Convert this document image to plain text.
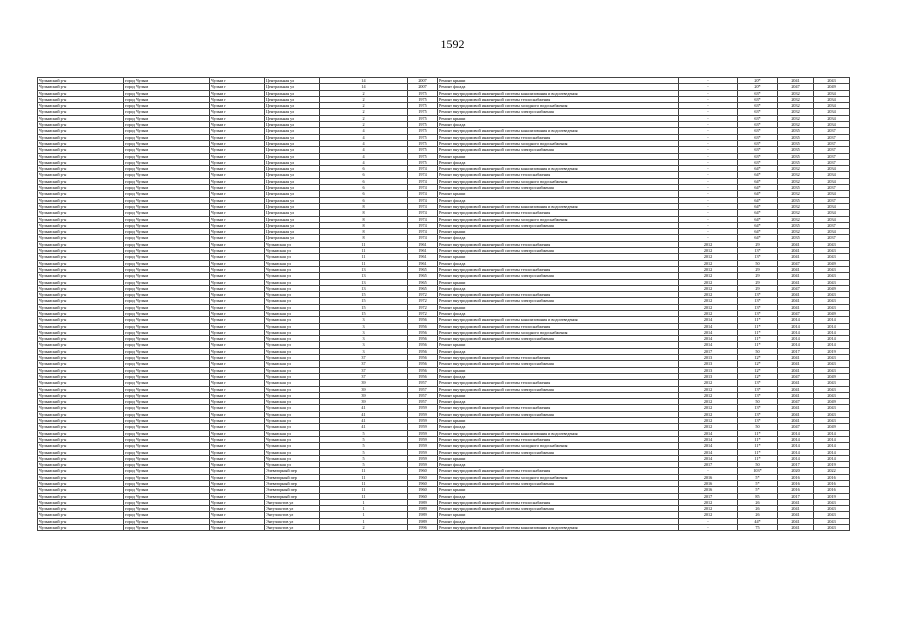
1592
Чулымский р-н	город Чулым	Чулым г	Центральная ул	14	2007	Ремонт крыши	-	20*	2041	2043
Чулымский р-н	город Чулым	Чулым г	Центральная ул	14	2007	Ремонт фасада	-	20*	2047	2049
Чулымский р-н	город Чулым	Чулым г	Центральная ул	2	1975	Ремонт внутридомовой инженерной системы канализования и водоотведения	-	63*	2032	2034
Чулымский р-н	город Чулым	Чулым г	Центральная ул	2	1975	Ремонт внутридомовой инженерной системы теплоснабжения	-	63*	2032	2034
Чулымский р-н	город Чулым	Чулым г	Центральная ул	2	1975	Ремонт внутридомовой инженерной системы холодного водоснабжения	-	63*	2032	2034
Чулымский р-н	город Чулым	Чулым г	Центральная ул	2	1975	Ремонт внутридомовой инженерной системы электроснабжения	-	63*	2032	2034
Чулымский р-н	город Чулым	Чулым г	Центральная ул	2	1975	Ремонт крыши	-	63*	2032	2034
Чулымский р-н	город Чулым	Чулым г	Центральная ул	2	1975	Ремонт фасада	-	63*	2032	2034
Чулымский р-н	город Чулым	Чулым г	Центральная ул	4	1975	Ремонт внутридомовой инженерной системы канализования и водоотведения	-	63*	2035	2037
Чулымский р-н	город Чулым	Чулым г	Центральная ул	4	1975	Ремонт внутридомовой инженерной системы теплоснабжения	-	63*	2035	2037
Чулымский р-н	город Чулым	Чулым г	Центральная ул	4	1975	Ремонт внутридомовой инженерной системы холодного водоснабжения	-	63*	2035	2037
Чулымский р-н	город Чулым	Чулым г	Центральная ул	4	1975	Ремонт внутридомовой инженерной системы электроснабжения	-	63*	2035	2037
Чулымский р-н	город Чулым	Чулым г	Центральная ул	4	1975	Ремонт крыши	-	63*	2035	2037
Чулымский р-н	город Чулым	Чулым г	Центральная ул	4	1975	Ремонт фасада	-	63*	2035	2037
Чулымский р-н	город Чулым	Чулым г	Центральная ул	6	1974	Ремонт внутридомовой инженерной системы канализования и водоотведения	-	64*	2032	2034
Чулымский р-н	город Чулым	Чулым г	Центральная ул	6	1974	Ремонт внутридомовой инженерной системы теплоснабжения	-	64*	2032	2034
Чулымский р-н	город Чулым	Чулым г	Центральная ул	6	1974	Ремонт внутридомовой инженерной системы холодного водоснабжения	-	64*	2032	2034
Чулымский р-н	город Чулым	Чулым г	Центральная ул	6	1974	Ремонт внутридомовой инженерной системы электроснабжения	-	64*	2035	2037
Чулымский р-н	город Чулым	Чулым г	Центральная ул	6	1974	Ремонт крыши	-	64*	2032	2034
Чулымский р-н	город Чулым	Чулым г	Центральная ул	6	1974	Ремонт фасада	-	64*	2035	2037
Чулымский р-н	город Чулым	Чулым г	Центральная ул	8	1974	Ремонт внутридомовой инженерной системы канализования и водоотведения	-	64*	2032	2034
Чулымский р-н	город Чулым	Чулым г	Центральная ул	8	1974	Ремонт внутридомовой инженерной системы теплоснабжения	-	64*	2032	2034
Чулымский р-н	город Чулым	Чулым г	Центральная ул	8	1974	Ремонт внутридомовой инженерной системы холодного водоснабжения	-	64*	2032	2034
Чулымский р-н	город Чулым	Чулым г	Центральная ул	8	1974	Ремонт внутридомовой инженерной системы электроснабжения	-	64*	2035	2037
Чулымский р-н	город Чулым	Чулым г	Центральная ул	8	1974	Ремонт крыши	-	64*	2032	2034
Чулымский р-н	город Чулым	Чулым г	Центральная ул	8	1974	Ремонт фасада	-	64*	2035	2037
Чулымский р-н	город Чулым	Чулым г	Чулымская ул	11	1961	Ремонт внутридомовой инженерной системы теплоснабжения	2012	29	2041	2043
Чулымский р-н	город Чулым	Чулым г	Чулымская ул	11	1961	Ремонт внутридомовой инженерной системы электроснабжения	2012	13*	2041	2043
Чулымский р-н	город Чулым	Чулым г	Чулымская ул	11	1961	Ремонт крыши	2012	13*	2041	2043
Чулымский р-н	город Чулым	Чулым г	Чулымская ул	11	1961	Ремонт фасада	2012	50	2047	2049
Чулымский р-н	город Чулым	Чулым г	Чулымская ул	13	1965	Ремонт внутридомовой инженерной системы теплоснабжения	2012	29	2041	2043
Чулымский р-н	город Чулым	Чулым г	Чулымская ул	13	1965	Ремонт внутридомовой инженерной системы электроснабжения	2012	29	2041	2043
Чулымский р-н	город Чулым	Чулым г	Чулымская ул	13	1965	Ремонт крыши	2012	29	2041	2043
Чулымский р-н	город Чулым	Чулым г	Чулымская ул	13	1965	Ремонт фасада	2012	29	2047	2049
Чулымский р-н	город Чулым	Чулым г	Чулымская ул	15	1972	Ремонт внутридомовой инженерной системы теплоснабжения	2012	13*	2041	2043
Чулымский р-н	город Чулым	Чулым г	Чулымская ул	15	1972	Ремонт внутридомовой инженерной системы электроснабжения	2012	13*	2041	2043
Чулымский р-н	город Чулым	Чулым г	Чулымская ул	15	1972	Ремонт крыши	2012	13*	2041	2043
Чулымский р-н	город Чулым	Чулым г	Чулымская ул	15	1972	Ремонт фасада	2012	13*	2047	2049
Чулымский р-н	город Чулым	Чулым г	Чулымская ул	3	1956	Ремонт внутридомовой инженерной системы канализования и водоотведения	2014	11*	2014	2014
Чулымский р-н	город Чулым	Чулым г	Чулымская ул	3	1956	Ремонт внутридомовой инженерной системы теплоснабжения	2014	11*	2014	2014
Чулымский р-н	город Чулым	Чулым г	Чулымская ул	3	1956	Ремонт внутридомовой инженерной системы холодного водоснабжения	2014	11*	2014	2014
Чулымский р-н	город Чулым	Чулым г	Чулымская ул	3	1956	Ремонт внутридомовой инженерной системы электроснабжения	2014	11*	2014	2014
Чулымский р-н	город Чулым	Чулым г	Чулымская ул	3	1956	Ремонт крыши	2014	11*	2014	2014
Чулымский р-н	город Чулым	Чулым г	Чулымская ул	3	1956	Ремонт фасада	2017	50	2017	2019
Чулымский р-н	город Чулым	Чулым г	Чулымская ул	37	1956	Ремонт внутридомовой инженерной системы теплоснабжения	2013	12*	2041	2043
Чулымский р-н	город Чулым	Чулым г	Чулымская ул	37	1956	Ремонт внутридомовой инженерной системы электроснабжения	2013	12*	2041	2043
Чулымский р-н	город Чулым	Чулым г	Чулымская ул	37	1956	Ремонт крыши	2013	12*	2041	2043
Чулымский р-н	город Чулым	Чулым г	Чулымская ул	37	1956	Ремонт фасада	2013	12*	2047	2049
Чулымский р-н	город Чулым	Чулым г	Чулымская ул	39	1957	Ремонт внутридомовой инженерной системы теплоснабжения	2012	13*	2041	2043
Чулымский р-н	город Чулым	Чулым г	Чулымская ул	39	1957	Ремонт внутридомовой инженерной системы электроснабжения	2012	13*	2041	2043
Чулымский р-н	город Чулым	Чулым г	Чулымская ул	39	1957	Ремонт крыши	2012	13*	2041	2043
Чулымский р-н	город Чулым	Чулым г	Чулымская ул	39	1957	Ремонт фасада	2012	50	2047	2049
Чулымский р-н	город Чулым	Чулым г	Чулымская ул	41	1959	Ремонт внутридомовой инженерной системы теплоснабжения	2012	13*	2041	2043
Чулымский р-н	город Чулым	Чулым г	Чулымская ул	41	1959	Ремонт внутридомовой инженерной системы электроснабжения	2012	13*	2041	2043
Чулымский р-н	город Чулым	Чулым г	Чулымская ул	41	1959	Ремонт крыши	2012	13*	2041	2043
Чулымский р-н	город Чулым	Чулым г	Чулымская ул	41	1959	Ремонт фасада	2012	50	2047	2049
Чулымский р-н	город Чулым	Чулым г	Чулымская ул	5	1959	Ремонт внутридомовой инженерной системы канализования и водоотведения	2014	11*	2014	2014
Чулымский р-н	город Чулым	Чулым г	Чулымская ул	5	1959	Ремонт внутридомовой инженерной системы теплоснабжения	2014	11*	2014	2014
Чулымский р-н	город Чулым	Чулым г	Чулымская ул	5	1959	Ремонт внутридомовой инженерной системы холодного водоснабжения	2014	11*	2014	2014
Чулымский р-н	город Чулым	Чулым г	Чулымская ул	5	1959	Ремонт внутридомовой инженерной системы электроснабжения	2014	11*	2014	2014
Чулымский р-н	город Чулым	Чулым г	Чулымская ул	5	1959	Ремонт крыши	2014	11*	2014	2014
Чулымский р-н	город Чулым	Чулым г	Чулымская ул	5	1959	Ремонт фасада	2017	50	2017	2019
Чулымский р-н	город Чулым	Чулым г	Элеваторный пер	11	1960	Ремонт внутридомовой инженерной системы теплоснабжения	-	103*	2020	2022
Чулымский р-н	город Чулым	Чулым г	Элеваторный пер	11	1960	Ремонт внутридомовой инженерной системы холодного водоснабжения	2016	5*	2016	2016
Чулымский р-н	город Чулым	Чулым г	Элеваторный пер	11	1960	Ремонт внутридомовой инженерной системы электроснабжения	2016	5*	2016	2016
Чулымский р-н	город Чулым	Чулым г	Элеваторный пер	11	1960	Ремонт крыши	2016	5*	2016	2016
Чулымский р-н	город Чулым	Чулым г	Элеваторный пер	11	1960	Ремонт фасада	2017	85	2017	2019
Чулымский р-н	город Чулым	Чулым г	Энтузиастов ул	1	1989	Ремонт внутридомовой инженерной системы теплоснабжения	2012	26	2041	2043
Чулымский р-н	город Чулым	Чулым г	Энтузиастов ул	1	1989	Ремонт внутридомовой инженерной системы электроснабжения	2012	26	2041	2043
Чулымский р-н	город Чулым	Чулым г	Энтузиастов ул	1	1989	Ремонт крыши	2012	26	2041	2043
Чулымский р-н	город Чулым	Чулым г	Энтузиастов ул	1	1989	Ремонт фасада	-	44*	2041	2043
Чулымский р-н	город Чулым	Чулым г	Энтузиастов ул	2	1996	Ремонт внутридомовой инженерной системы канализования и водоотведения	-	75	2041	2043
